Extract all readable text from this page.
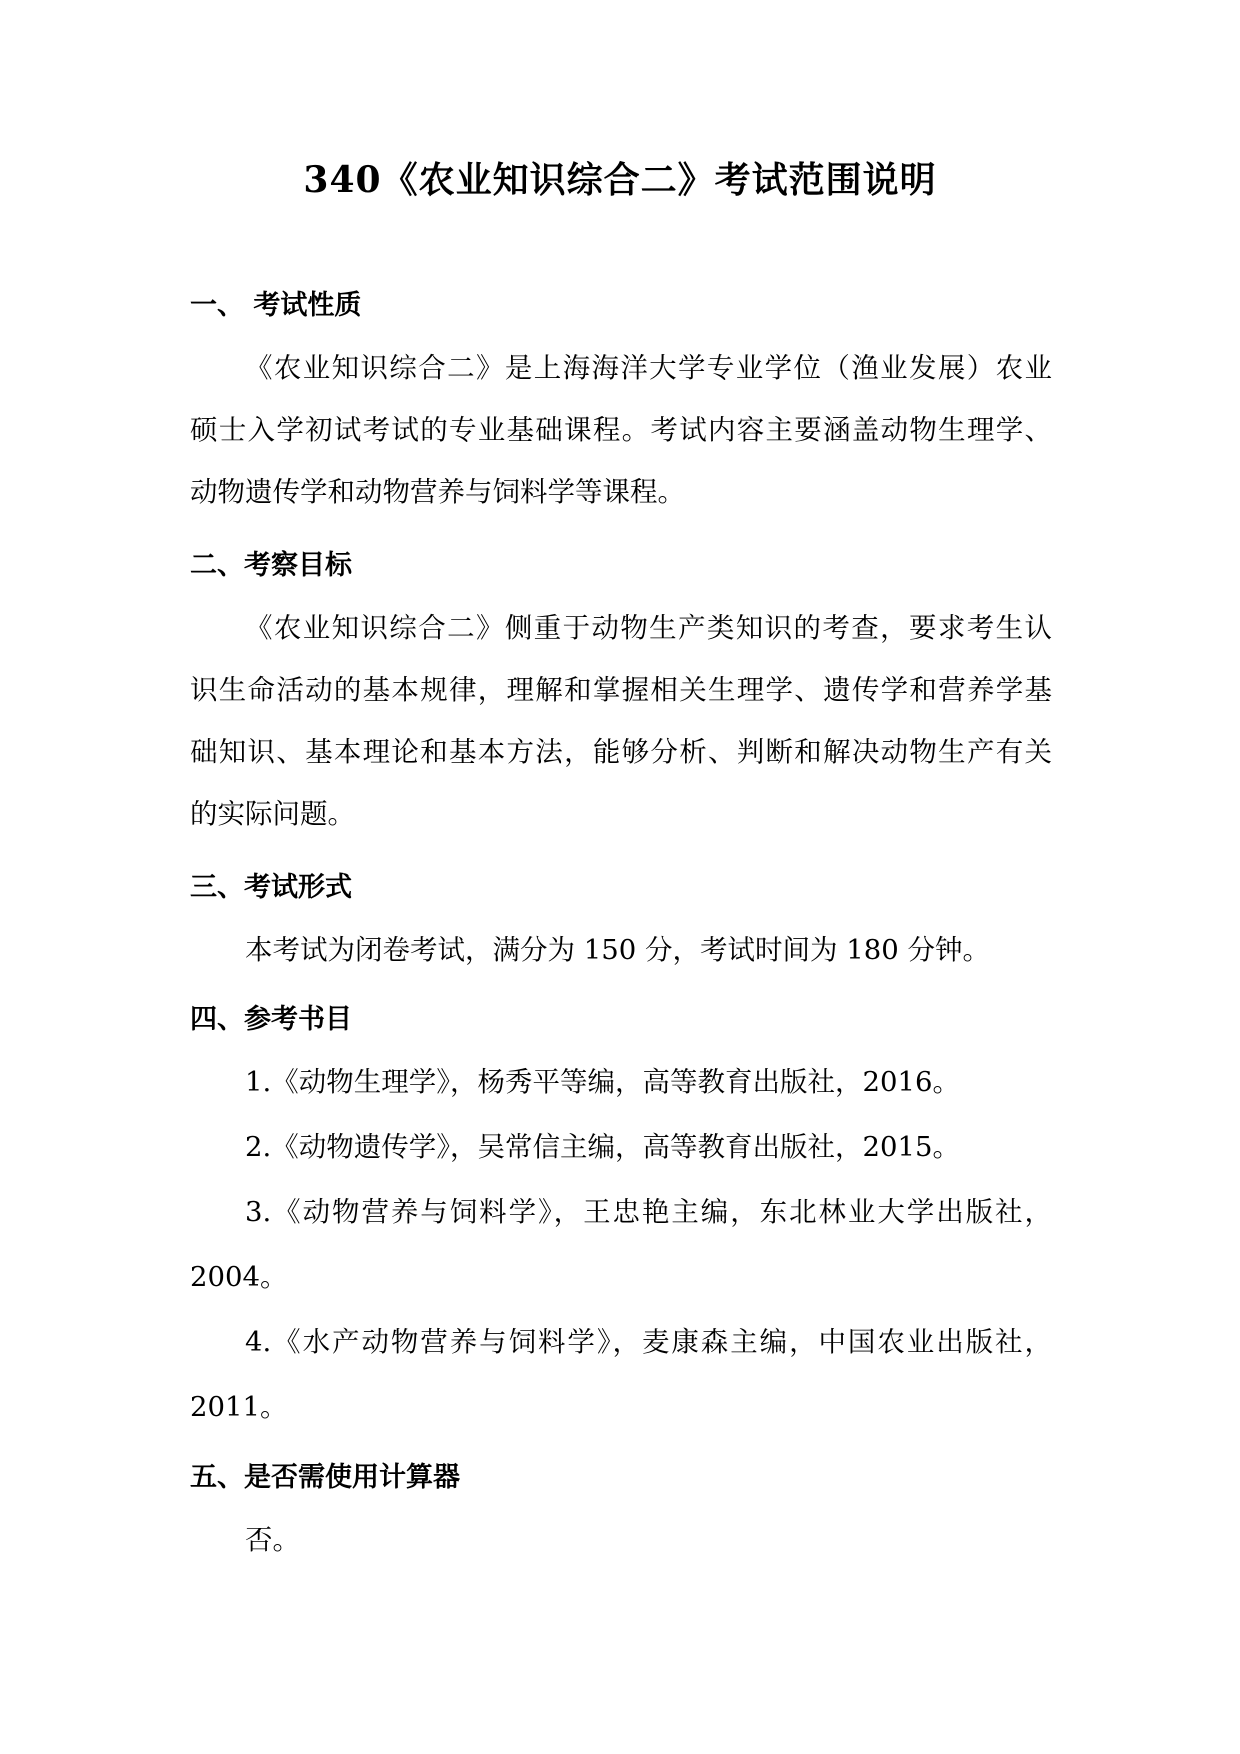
340《农业知识综合二》考试范围说明
一、 考试性质
《农业知识综合二》是上海海洋大学专业学位（渔业发展）农业
硕士入学初试考试的专业基础课程。考试内容主要涵盖动物生理学、
动物遗传学和动物营养与饲料学等课程。
二、考察目标
《农业知识综合二》侧重于动物生产类知识的考查，要求考生认
识生命活动的基本规律，理解和掌握相关生理学、遗传学和营养学基
础知识、基本理论和基本方法，能够分析、判断和解决动物生产有关
的实际问题。
三、考试形式
本考试为闭卷考试，满分为 150 分，考试时间为 180 分钟。
四、参考书目
1.《动物生理学》，杨秀平等编，高等教育出版社，2016。
2.《动物遗传学》，吴常信主编，高等教育出版社，2015。
3.《动物营养与饲料学》，王忠艳主编，东北林业大学出版社，
2004。
4.《水产动物营养与饲料学》，麦康森主编，中国农业出版社，
2011。
五、是否需使用计算器
否。
